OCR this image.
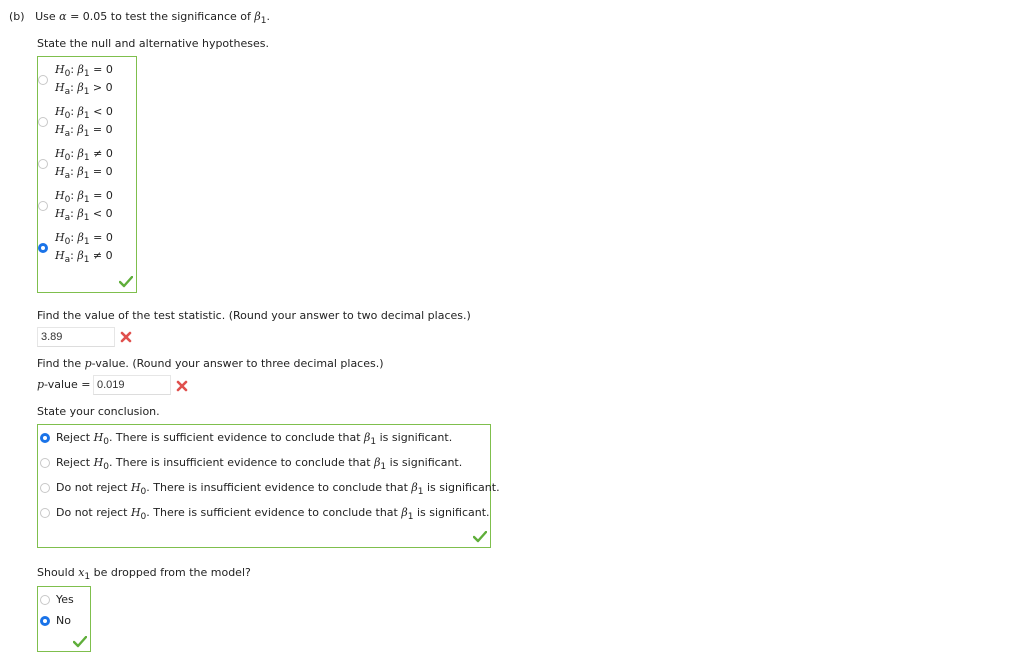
(b) Use α = 0.05 to test the significance of $\beta_1$.
State the null and alternative hypotheses.
$H_0$: $\beta_1 = 0$
$H_a$: $\beta_1 > 0$
$H_0$: $\beta_1 < 0$
$H_a$: $\beta_1 = 0$
$H_0$: $\beta_1 \ne 0$
$H_a$: $\beta_1 = 0$
$H_0$: $\beta_1 = 0$
$H_a$: $\beta_1 < 0$
$H_0$: $\beta_1 = 0$
$H_a$: $\beta_1 \ne 0$
Find the value of the test statistic. (Round your answer to two decimal places.)
3.89
Find the p-value. (Round your answer to three decimal places.)
p-value = 0.019
State your conclusion.
Reject $H_0$. There is sufficient evidence to conclude that $\beta_1$ is significant.
Reject $H_0$. There is insufficient evidence to conclude that $\beta_1$ is significant.
Do not reject $H_0$. There is insufficient evidence to conclude that $\beta_1$ is significant.
Do not reject $H_0$. There is sufficient evidence to conclude that $\beta_1$ is significant.
Should $x_1$ be dropped from the model?
Yes
No
